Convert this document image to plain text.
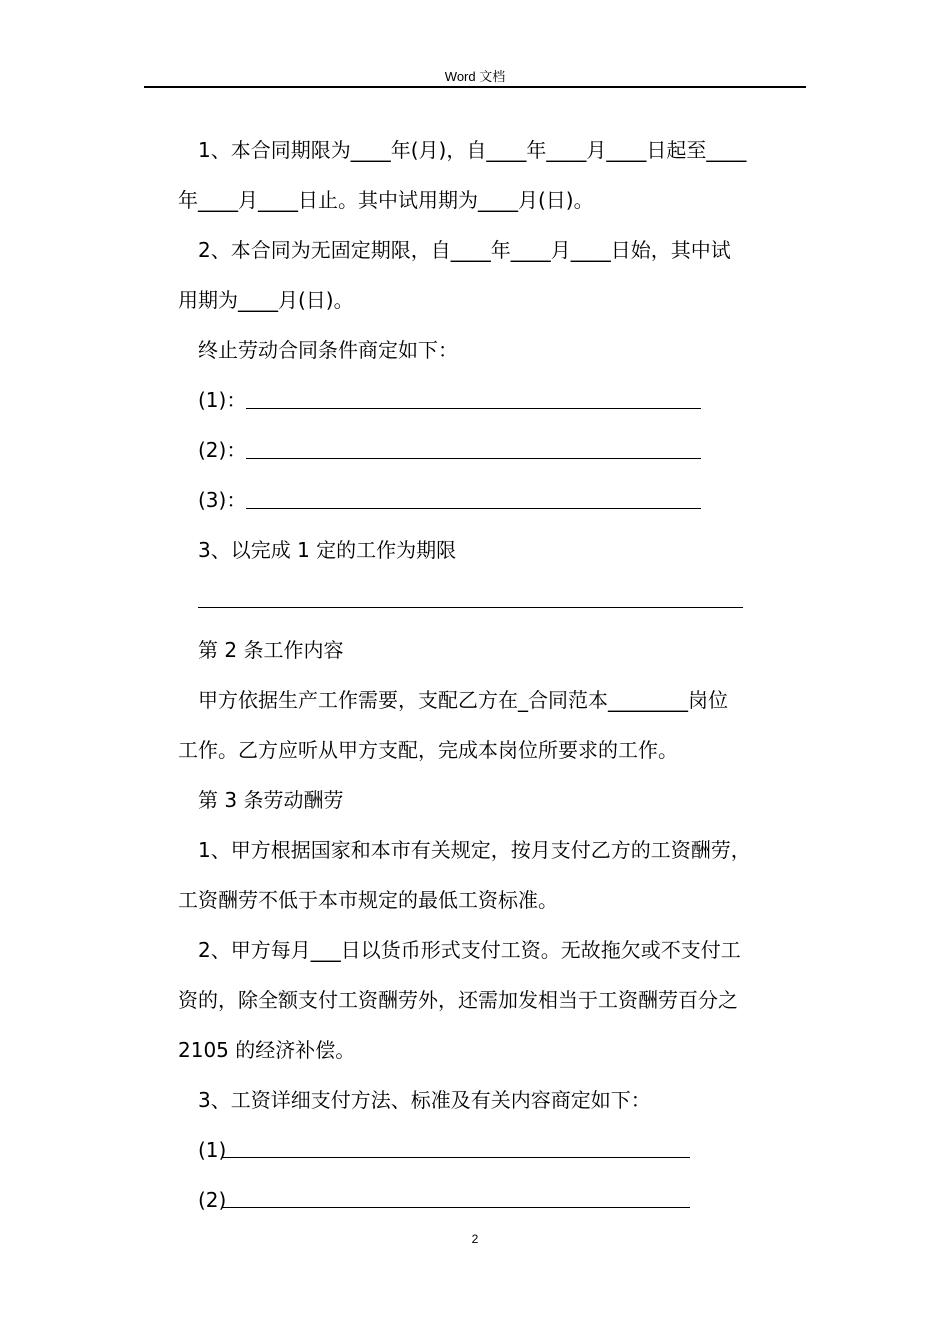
Word 文档
1、本合同期限为____年(月)，自____年____月____日起至____
年____月____日止。其中试用期为____月(日)。
2、本合同为无固定期限，自____年____月____日始，其中试
用期为____月(日)。
终止劳动合同条件商定如下：
(1)：
(2)：
(3)：
3、以完成 1 定的工作为期限
第 2 条工作内容
甲方依据生产工作需要，支配乙方在_合同范本________岗位
工作。乙方应听从甲方支配，完成本岗位所要求的工作。
第 3 条劳动酬劳
1、甲方根据国家和本市有关规定，按月支付乙方的工资酬劳，
工资酬劳不低于本市规定的最低工资标准。
2、甲方每月___日以货币形式支付工资。无故拖欠或不支付工
资的，除全额支付工资酬劳外，还需加发相当于工资酬劳百分之
2105 的经济补偿。
3、工资详细支付方法、标准及有关内容商定如下：
(1)
(2)
2
